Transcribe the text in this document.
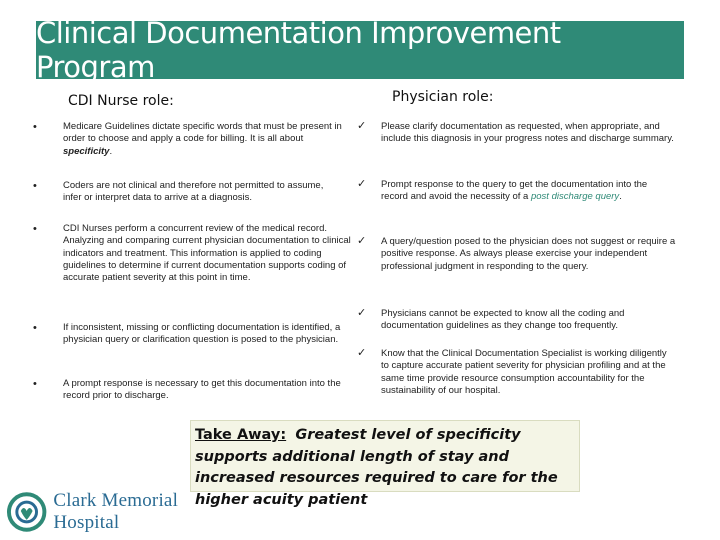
Clinical Documentation Improvement Program
CDI Nurse role:	Physician role:
•	Medicare Guidelines dictate specific words that must be present in order to choose and apply a code for billing. It is all about specificity.
•	Coders are not clinical and therefore not permitted to assume, infer or interpret data to arrive at a diagnosis.
•	CDI Nurses perform a concurrent review of the medical record. Analyzing and comparing current physician documentation to clinical indicators and treatment. This information is applied to coding guidelines to determine if current documentation supports coding of accurate patient severity at this point in time.
•	If inconsistent, missing or conflicting documentation is identified, a physician query or clarification question is posed to the physician.
•	A prompt response is necessary to get this documentation into the record prior to discharge.
✓ Please clarify documentation as requested, when appropriate, and include this diagnosis in your progress notes and discharge summary.
✓ Prompt response to the query to get the documentation into the record and avoid the necessity of a post discharge query.
✓ A query/question posed to the physician does not suggest or require a positive response. As always please exercise your independent professional judgment in responding to the query.
✓ Physicians cannot be expected to know all the coding and documentation guidelines as they change too frequently.
✓ Know that the Clinical Documentation Specialist is working diligently to capture accurate patient severity for physician profiling and at the same time provide resource consumption accountability for the sustainability of our hospital.
Take Away: Greatest level of specificity supports additional length of stay and increased resources required to care for the higher acuity patient
Clark Memorial Hospital
